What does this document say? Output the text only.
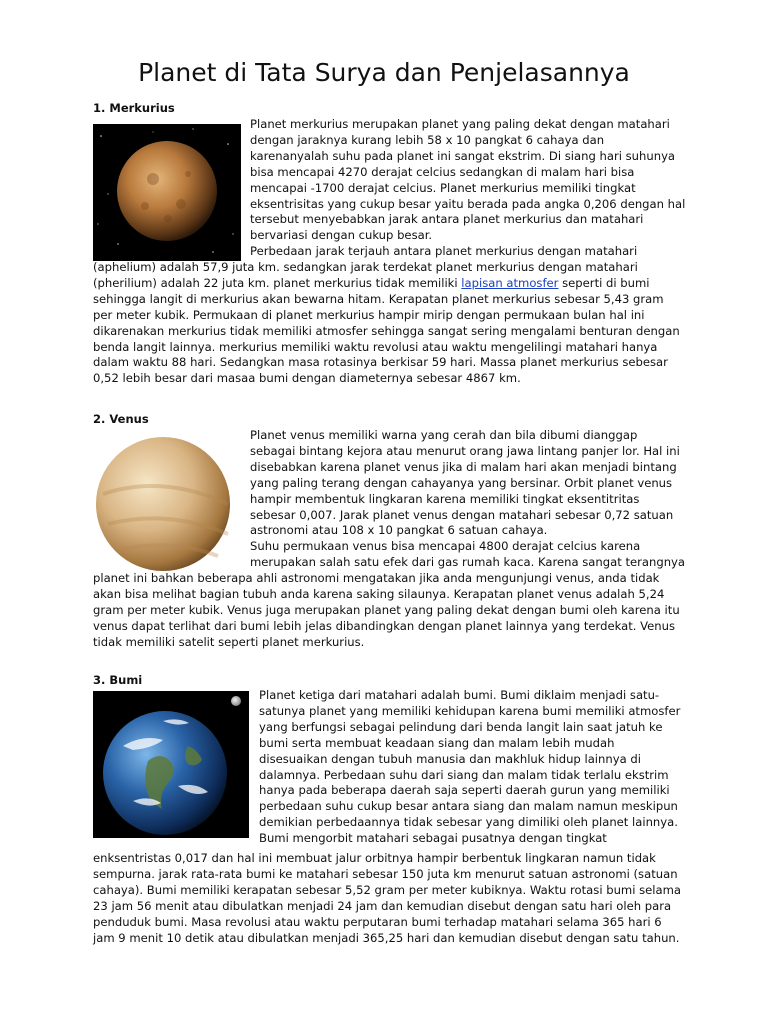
Planet di Tata Surya dan Penjelasannya
1. Merkurius

Planet merkurius merupakan planet yang paling dekat dengan matahari
dengan jaraknya kurang lebih 58 x 10 pangkat 6 cahaya dan
karenanyalah suhu pada planet ini sangat ekstrim. Di siang hari suhunya
bisa mencapai 4270 derajat celcius sedangkan di malam hari bisa
mencapai -1700 derajat celcius. Planet merkurius memiliki tingkat
eksentrisitas yang cukup besar yaitu berada pada angka 0,206 dengan hal
tersebut menyebabkan jarak antara planet merkurius dan matahari
bervariasi dengan cukup besar.
Perbedaan jarak terjauh antara planet merkurius dengan matahari

(aphelium) adalah 57,9 juta km. sedangkan jarak terdekat planet merkurius dengan matahari
(pherilium) adalah 22 juta km. planet merkurius tidak memiliki lapisan atmosfer seperti di bumi
sehingga langit di merkurius akan bewarna hitam. Kerapatan planet merkurius sebesar 5,43 gram
per meter kubik. Permukaan di planet merkurius hampir mirip dengan permukaan bulan hal ini
dikarenakan merkurius tidak memiliki atmosfer sehingga sangat sering mengalami benturan dengan
benda langit lainnya. merkurius memiliki waktu revolusi atau waktu mengelilingi matahari hanya
dalam waktu 88 hari. Sedangkan masa rotasinya berkisar 59 hari. Massa planet merkurius sebesar
0,52 lebih besar dari masaa bumi dengan diameternya sebesar 4867 km.

2. Venus

Planet venus memiliki warna yang cerah dan bila dibumi dianggap
sebagai bintang kejora atau menurut orang jawa lintang panjer lor. Hal ini
disebabkan karena planet venus jika di malam hari akan menjadi bintang
yang paling terang dengan cahayanya yang bersinar. Orbit planet venus
hampir membentuk lingkaran karena memiliki tingkat eksentitritas
sebesar 0,007. Jarak planet venus dengan matahari sebesar 0,72 satuan
astronomi atau 108 x 10 pangkat 6 satuan cahaya.
Suhu permukaan venus bisa mencapai 4800 derajat celcius karena
merupakan salah satu efek dari gas rumah kaca. Karena sangat terangnya

planet ini bahkan beberapa ahli astronomi mengatakan jika anda mengunjungi venus, anda tidak
akan bisa melihat bagian tubuh anda karena saking silaunya. Kerapatan planet venus adalah 5,24
gram per meter kubik. Venus juga merupakan planet yang paling dekat dengan bumi oleh karena itu
venus dapat terlihat dari bumi lebih jelas dibandingkan dengan planet lainnya yang terdekat. Venus
tidak memiliki satelit seperti planet merkurius.

3. Bumi

Planet ketiga dari matahari adalah bumi. Bumi diklaim menjadi satu-
satunya planet yang memiliki kehidupan karena bumi memiliki atmosfer
yang berfungsi sebagai pelindung dari benda langit lain saat jatuh ke
bumi serta membuat keadaan siang dan malam lebih mudah
disesuaikan dengan tubuh manusia dan makhluk hidup lainnya di
dalamnya. Perbedaan suhu dari siang dan malam tidak terlalu ekstrim
hanya pada beberapa daerah saja seperti daerah gurun yang memiliki
perbedaan suhu cukup besar antara siang dan malam namun meskipun
demikian perbedaannya tidak sebesar yang dimiliki oleh planet lainnya.
Bumi mengorbit matahari sebagai pusatnya dengan tingkat

enksentristas 0,017 dan hal ini membuat jalur orbitnya hampir berbentuk lingkaran namun tidak
sempurna. jarak rata-rata bumi ke matahari sebesar 150 juta km menurut satuan astronomi (satuan
cahaya). Bumi memiliki kerapatan sebesar 5,52 gram per meter kubiknya. Waktu rotasi bumi selama
23 jam 56 menit atau dibulatkan menjadi 24 jam dan kemudian disebut dengan satu hari oleh para
penduduk bumi. Masa revolusi atau waktu perputaran bumi terhadap matahari selama 365 hari 6
jam 9 menit 10 detik atau dibulatkan menjadi 365,25 hari dan kemudian disebut dengan satu tahun.
